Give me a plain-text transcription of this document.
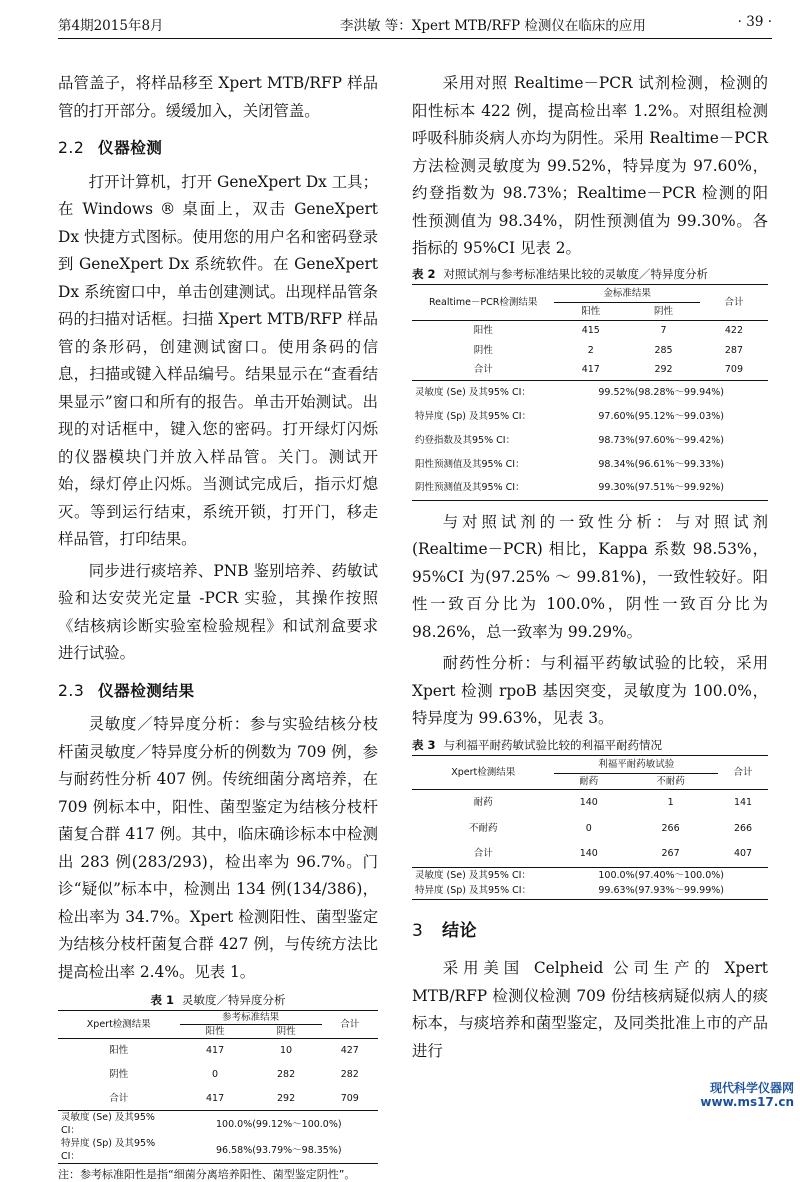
第4期2015年8月	李洪敏 等：Xpert MTB/RFP 检测仪在临床的应用	· 39 ·

品管盖子，将样品移至 Xpert MTB/RFP 样品管的打开部分。缓缓加入，关闭管盖。

2.2 仪器检测

打开计算机，打开 GeneXpert Dx 工具；在 Windows ® 桌面上，双击 GeneXpert Dx 快捷方式图标。使用您的用户名和密码登录到 GeneXpert Dx 系统软件。在 GeneXpert Dx 系统窗口中，单击创建测试。出现样品管条码的扫描对话框。扫描 Xpert MTB/RFP 样品管的条形码，创建测试窗口。使用条码的信息，扫描或键入样品编号。结果显示在“查看结果显示”窗口和所有的报告。单击开始测试。出现的对话框中，键入您的密码。打开绿灯闪烁的仪器模块门并放入样品管。关门。测试开始，绿灯停止闪烁。当测试完成后，指示灯熄灭。等到运行结束，系统开锁，打开门，移走样品管，打印结果。

同步进行痰培养、PNB 鉴别培养、药敏试验和达安荧光定量 -PCR 实验，其操作按照《结核病诊断实验室检验规程》和试剂盒要求进行试验。

2.3 仪器检测结果

灵敏度／特异度分析：参与实验结核分枝杆菌灵敏度／特异度分析的例数为 709 例，参与耐药性分析 407 例。传统细菌分离培养，在 709 例标本中，阳性、菌型鉴定为结核分枝杆菌复合群 417 例。其中，临床确诊标本中检测出 283 例(283/293)，检出率为 96.7%。门诊“疑似”标本中，检测出 134 例(134/386)，检出率为 34.7%。Xpert 检测阳性、菌型鉴定为结核分枝杆菌复合群 427 例，与传统方法比提高检出率 2.4%。见表 1。

表 1 灵敏度／特异度分析
Xpert检测结果	参考标准结果		合计
	阳性	阴性	
阳性	417	10	427
阴性	0	282	282
合计	417	292	709
灵敏度 (Se) 及其95% CI：	100.0%(99.12%～100.0%)		
特异度 (Sp) 及其95% CI：	96.58%(93.79%～98.35%)		
注：参考标准阳性是指“细菌分离培养阳性、菌型鉴定阴性”。

采用对照 Realtime－PCR 试剂检测，检测的阳性标本 422 例，提高检出率 1.2%。对照组检测呼吸科肺炎病人亦均为阴性。采用 Realtime－PCR 方法检测灵敏度为 99.52%，特异度为 97.60%，约登指数为 98.73%；Realtime－PCR 检测的阳性预测值为 98.34%，阴性预测值为 99.30%。各指标的 95%CI 见表 2。

表 2 对照试剂与参考标准结果比较的灵敏度／特异度分析
Realtime－PCR检测结果	金标准结果		合计
	阳性	阴性	
阳性	415	7	422
阴性	2	285	287
合计	417	292	709
灵敏度 (Se) 及其95% CI：	99.52%(98.28%～99.94%)		
特异度 (Sp) 及其95% CI：	97.60%(95.12%～99.03%)		
约登指数及其95% CI：	98.73%(97.60%～99.42%)		
阳性预测值及其95% CI：	98.34%(96.61%～99.33%)		
阴性预测值及其95% CI：	99.30%(97.51%～99.92%)		

与对照试剂的一致性分析：与对照试剂(Realtime－PCR) 相比，Kappa 系数 98.53%，95%CI 为(97.25% ～ 99.81%)，一致性较好。阳性一致百分比为 100.0%，阴性一致百分比为 98.26%，总一致率为 99.29%。

耐药性分析：与利福平药敏试验的比较，采用 Xpert 检测 rpoB 基因突变，灵敏度为 100.0%，特异度为 99.63%，见表 3。

表 3 与利福平耐药敏试验比较的利福平耐药情况
Xpert检测结果	利福平耐药敏试验		合计
	耐药	不耐药	
耐药	140	1	141
不耐药	0	266	266
合计	140	267	407
灵敏度 (Se) 及其95% CI：	100.0%(97.40%～100.0%)		
特异度 (Sp) 及其95% CI：	99.63%(97.93%～99.99%)		
3 结论

采用美国 Celpheid 公司生产的 Xpert MTB/RFP 检测仪检测 709 份结核病疑似病人的痰标本，与痰培养和菌型鉴定，及同类批准上市的产品进行

现代科学仪器网
www.ms17.cn
